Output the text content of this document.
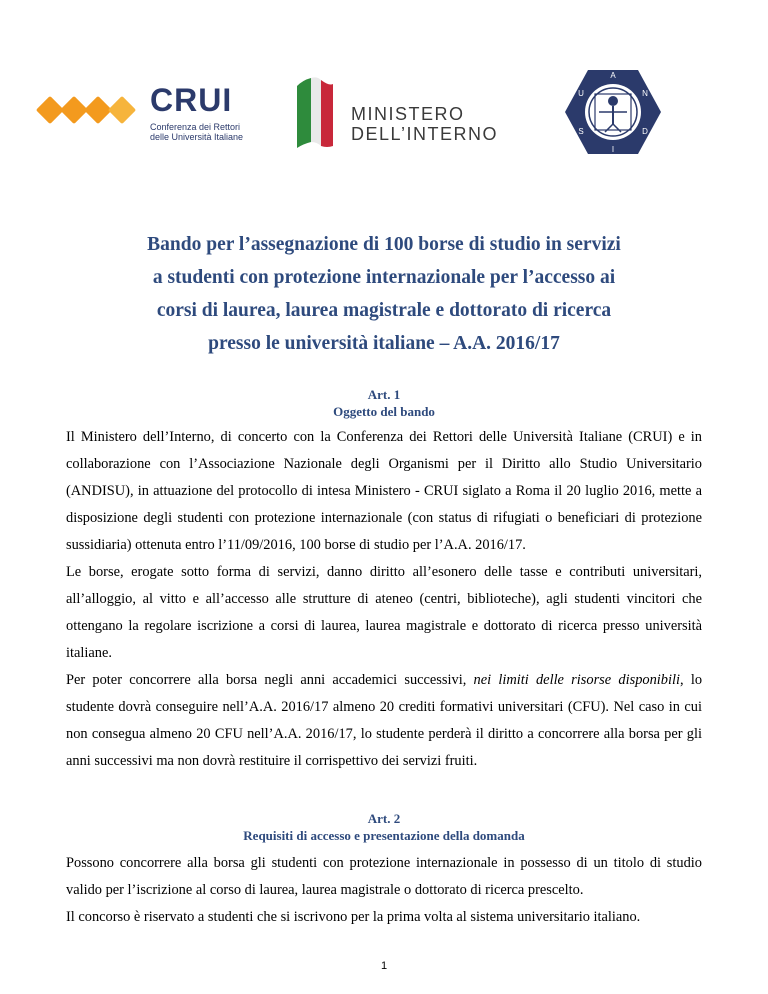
CRUI
Conferenza dei Rettori
delle Università Italiane
MINISTERO
DELL’INTERNO
A
N
D
I
S
U
Bando per l’assegnazione di 100 borse di studio in servizi
a studenti con protezione internazionale per l’accesso ai
corsi di laurea, laurea magistrale e dottorato di ricerca
presso le università italiane – A.A. 2016/17
Art. 1
Oggetto del bando

Il Ministero dell’Interno, di concerto con la Conferenza dei Rettori delle Università Italiane (CRUI) e in collaborazione con l’Associazione Nazionale degli Organismi per il Diritto allo Studio Universitario (ANDISU), in attuazione del protocollo di intesa Ministero - CRUI siglato a Roma il 20 luglio 2016, mette a disposizione degli studenti con protezione internazionale (con status di rifugiati o beneficiari di protezione sussidiaria) ottenuta entro l’11/09/2016, 100 borse di studio per l’A.A. 2016/17.

Le borse, erogate sotto forma di servizi, danno diritto all’esonero delle tasse e contributi universitari, all’alloggio, al vitto e all’accesso alle strutture di ateneo (centri, biblioteche), agli studenti vincitori che ottengano la regolare iscrizione a corsi di laurea, laurea magistrale e dottorato di ricerca presso università italiane.

Per poter concorrere alla borsa negli anni accademici successivi, nei limiti delle risorse disponibili, lo studente dovrà conseguire nell’A.A. 2016/17 almeno 20 crediti formativi universitari (CFU). Nel caso in cui non consegua almeno 20 CFU nell’A.A. 2016/17, lo studente perderà il diritto a concorrere alla borsa per gli anni successivi ma non dovrà restituire il corrispettivo dei servizi fruiti.

Art. 2
Requisiti di accesso e presentazione della domanda

Possono concorrere alla borsa gli studenti con protezione internazionale in possesso di un titolo di studio valido per l’iscrizione al corso di laurea, laurea magistrale o dottorato di ricerca prescelto.

Il concorso è riservato a studenti che si iscrivono per la prima volta al sistema universitario italiano.

1
